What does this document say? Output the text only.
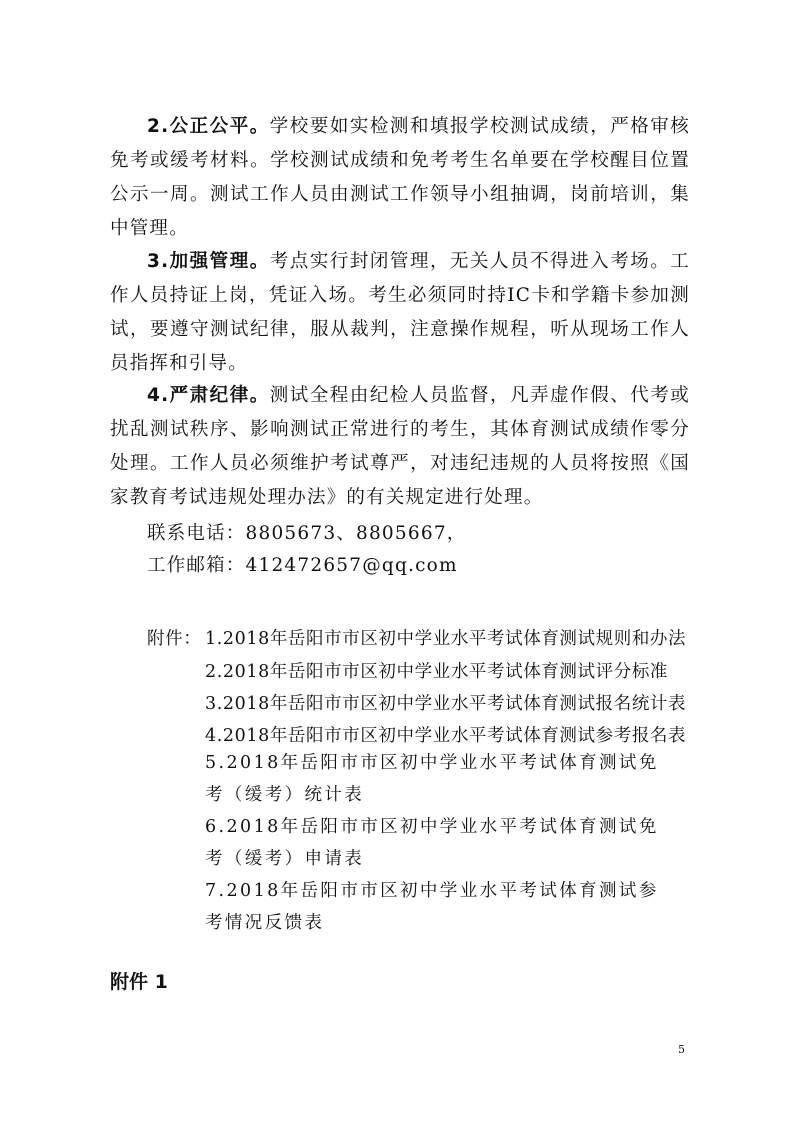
2.公正公平。学校要如实检测和填报学校测试成绩，严格审核免考或缓考材料。学校测试成绩和免考考生名单要在学校醒目位置公示一周。测试工作人员由测试工作领导小组抽调，岗前培训，集中管理。

3.加强管理。考点实行封闭管理，无关人员不得进入考场。工作人员持证上岗，凭证入场。考生必须同时持IC卡和学籍卡参加测试，要遵守测试纪律，服从裁判，注意操作规程，听从现场工作人员指挥和引导。

4.严肃纪律。测试全程由纪检人员监督，凡弄虚作假、代考或扰乱测试秩序、影响测试正常进行的考生，其体育测试成绩作零分处理。工作人员必须维护考试尊严，对违纪违规的人员将按照《国家教育考试违规处理办法》的有关规定进行处理。

联系电话：8805673、8805667，

工作邮箱：412472657@qq.com

附件： 1.2018年岳阳市市区初中学业水平考试体育测试规则和办法

2.2018年岳阳市市区初中学业水平考试体育测试评分标准

3.2018年岳阳市市区初中学业水平考试体育测试报名统计表

4.2018年岳阳市市区初中学业水平考试体育测试参考报名表

5.2018年岳阳市市区初中学业水平考试体育测试免考（缓考）统计表

6.2018年岳阳市市区初中学业水平考试体育测试免考（缓考）申请表

7.2018年岳阳市市区初中学业水平考试体育测试参考情况反馈表

附件 1

5
